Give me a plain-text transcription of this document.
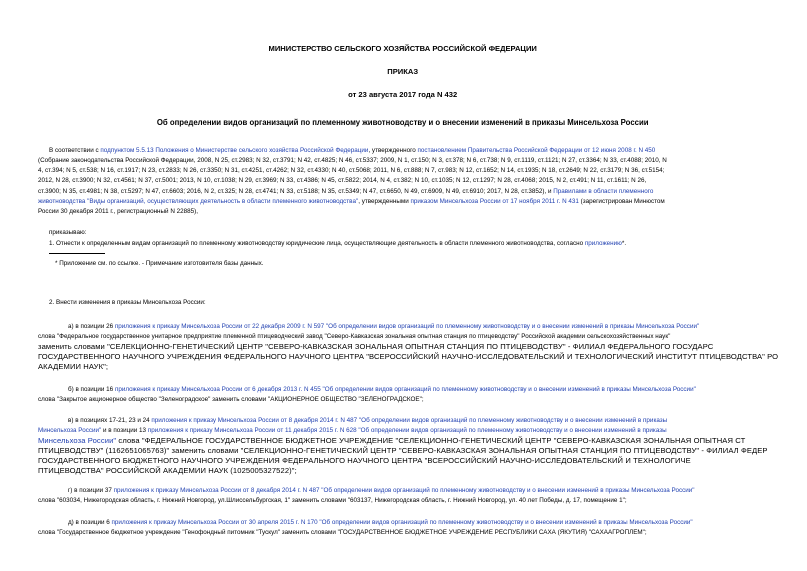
МИНИСТЕРСТВО СЕЛЬСКОГО ХОЗЯЙСТВА РОССИЙСКОЙ ФЕДЕРАЦИИ
ПРИКАЗ
от 23 августа 2017 года N 432
Об определении видов организаций по племенному животноводству и о внесении изменений в приказы Минсельхоза России
В соответствии с подпунктом 5.5.13 Положения о Министерстве сельского хозяйства Российской Федерации, утвержденного постановлением Правительства Российской Федерации от 12 июня 2008 г. N 450
(Собрание законодательства Российской Федерации, 2008, N 25, ст.2983; N 32, ст.3791; N 42, ст.4825; N 46, ст.5337; 2009, N 1, ст.150; N 3, ст.378; N 6, ст.738; N 9, ст.1119, ст.1121; N 27, ст.3364; N 33, ст.4088; 2010, N
4, ст.394; N 5, ст.538; N 16, ст.1917; N 23, ст.2833; N 26, ст.3350; N 31, ст.4251, ст.4262; N 32, ст.4330; N 40, ст.5068; 2011, N 6, ст.888; N 7, ст.983; N 12, ст.1652; N 14, ст.1935; N 18, ст.2649; N 22, ст.3179; N 36, ст.5154;
2012, N 28, ст.3900; N 32, ст.4561; N 37, ст.5001; 2013, N 10, ст.1038; N 29, ст.3969; N 33, ст.4386; N 45, ст.5822; 2014, N 4, ст.382; N 10, ст.1035; N 12, ст.1297; N 28, ст.4068; 2015, N 2, ст.491; N 11, ст.1611; N 26,
ст.3900; N 35, ст.4981; N 38, ст.5297; N 47, ст.6603; 2016, N 2, ст.325; N 28, ст.4741; N 33, ст.5188; N 35, ст.5349; N 47, ст.6650, N 49, ст.6909, N 49, ст.6910; 2017, N 28, ст.3852), и Правилами в области племенного
животноводства "Виды организаций, осуществляющих деятельность в области племенного животноводства", утвержденными приказом Минсельхоза России от 17 ноября 2011 г. N 431 (зарегистрирован Минюстом
России 30 декабря 2011 г., регистрационный N 22885),
приказываю:
1. Отнести к определенным видам организаций по племенному животноводству юридические лица, осуществляющие деятельность в области племенного животноводства, согласно приложению*.
* Приложение см. по ссылке. - Примечание изготовителя базы данных.
2. Внести изменения в приказы Минсельхоза России:
а) в позиции 26 приложения к приказу Минсельхоза России от 22 декабря 2009 г. N 597 "Об определении видов организаций по племенному животноводству и о внесении изменений в приказы Минсельхоза России"
слова "Федеральное государственное унитарное предприятие племенной птицеводческий завод "Северо-Кавказская зональная опытная станция по птицеводству" Российской академии сельскохозяйственных наук"
заменить словами "СЕЛЕКЦИОННО-ГЕНЕТИЧЕСКИЙ ЦЕНТР "СЕВЕРО-КАВКАЗСКАЯ ЗОНАЛЬНАЯ ОПЫТНАЯ СТАНЦИЯ ПО ПТИЦЕВОДСТВУ" - ФИЛИАЛ ФЕДЕРАЛЬНОГО ГОСУДАРС
ГОСУДАРСТВЕННОГО НАУЧНОГО УЧРЕЖДЕНИЯ ФЕДЕРАЛЬНОГО НАУЧНОГО ЦЕНТРА "ВСЕРОССИЙСКИЙ НАУЧНО-ИССЛЕДОВАТЕЛЬСКИЙ И ТЕХНОЛОГИЧЕСКИЙ ИНСТИТУТ ПТИЦЕВОДСТВА" РО
АКАДЕМИИ НАУК";
б) в позиции 16 приложения к приказу Минсельхоза России от 6 декабря 2013 г. N 455 "Об определении видов организаций по племенному животноводству и о внесении изменений в приказы Минсельхоза России"
слова "Закрытое акционерное общество "Зеленоградское" заменить словами "АКЦИОНЕРНОЕ ОБЩЕСТВО "ЗЕЛЕНОГРАДСКОЕ";
в) в позициях 17-21, 23 и 24 приложения к приказу Минсельхоза России от 8 декабря 2014 г. N 487 "Об определении видов организаций по племенному животноводству и о внесении изменений в приказы
Минсельхоза России" и в позиции 13 приложения к приказу Минсельхоза России от 11 декабря 2015 г. N 628 "Об определении видов организаций по племенному животноводству и о внесении изменений в приказы
Минсельхоза России" слова "ФЕДЕРАЛЬНОЕ ГОСУДАРСТВЕННОЕ БЮДЖЕТНОЕ УЧРЕЖДЕНИЕ "СЕЛЕКЦИОННО-ГЕНЕТИЧЕСКИЙ ЦЕНТР "СЕВЕРО-КАВКАЗСКАЯ ЗОНАЛЬНАЯ ОПЫТНАЯ СТ
ПТИЦЕВОДСТВУ" (1162651065763)" заменить словами "СЕЛЕКЦИОННО-ГЕНЕТИЧЕСКИЙ ЦЕНТР "СЕВЕРО-КАВКАЗСКАЯ ЗОНАЛЬНАЯ ОПЫТНАЯ СТАНЦИЯ ПО ПТИЦЕВОДСТВУ" - ФИЛИАЛ ФЕДЕР
ГОСУДАРСТВЕННОГО БЮДЖЕТНОГО НАУЧНОГО УЧРЕЖДЕНИЯ ФЕДЕРАЛЬНОГО НАУЧНОГО ЦЕНТРА "ВСЕРОССИЙСКИЙ НАУЧНО-ИССЛЕДОВАТЕЛЬСКИЙ И ТЕХНОЛОГИЧЕ
ПТИЦЕВОДСТВА" РОССИЙСКОЙ АКАДЕМИИ НАУК (1025005327522)";
г) в позиции 37 приложения к приказу Минсельхоза России от 8 декабря 2014 г. N 487 "Об определении видов организаций по племенному животноводству и о внесении изменений в приказы Минсельхоза России"
слова "603034, Нижегородская область, г. Нижний Новгород, ул.Шлиссельбургская, 1" заменить словами "603137, Нижегородская область, г. Нижний Новгород, ул. 40 лет Победы, д. 17, помещение 1";
д) в позиции 6 приложения к приказу Минсельхоза России от 30 апреля 2015 г. N 170 "Об определении видов организаций по племенному животноводству и о внесении изменений в приказы Минсельхоза России"
слова "Государственное бюджетное учреждение "Генофондный питомник "Тускул" заменить словами "ГОСУДАРСТВЕННОЕ БЮДЖЕТНОЕ УЧРЕЖДЕНИЕ РЕСПУБЛИКИ САХА (ЯКУТИЯ) "САХААГРОПЛЕМ";
